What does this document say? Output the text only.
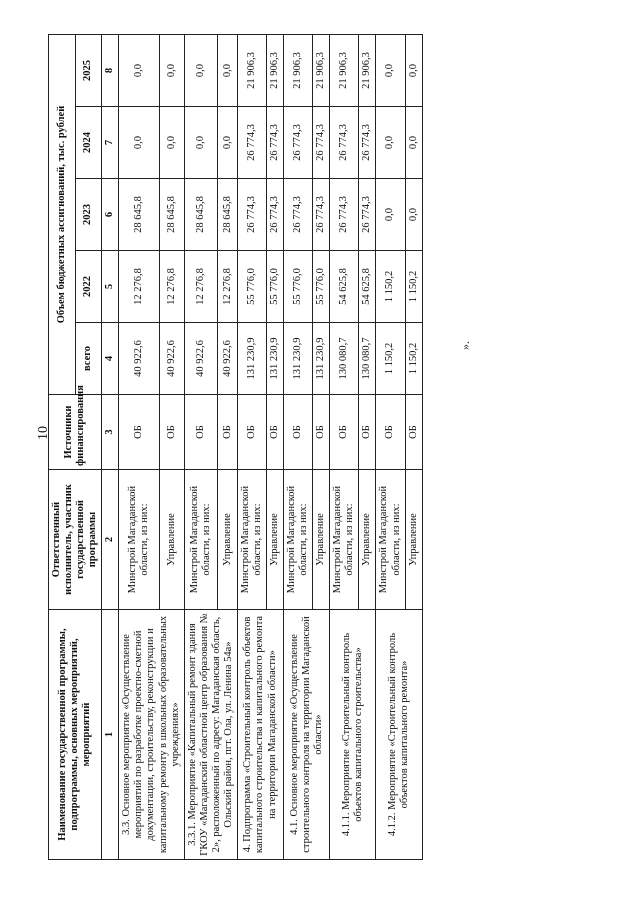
10
Наименование государственной программы, подпрограммы, основных мероприятий, мероприятий	Ответственный исполнитель, участник государственной программы	Источники финансирования	Объем бюджетных ассигнований, тыс. рублей				
			всего	2022	2023	2024	2025
1	2	3	4	5	6	7	8
3.3. Основное мероприятие «Осуществление мероприятий по разработке проектно-сметной документации, строительству, реконструкции и капитальному ремонту в школьных образовательных учреждениях»	Минстрой Магаданской области, из них:	ОБ	40 922,6	12 276,8	28 645,8	0,0	0,0
	Управление	ОБ	40 922,6	12 276,8	28 645,8	0,0	0,0
3.3.1. Мероприятие «Капитальный ремонт здания ГКОУ «Магаданский областной центр образования № 2», расположенный по адресу: Магаданская область, Ольский район, пгт. Ола, ул. Ленина 54а»	Минстрой Магаданской области, из них:	ОБ	40 922,6	12 276,8	28 645,8	0,0	0,0
	Управление	ОБ	40 922,6	12 276,8	28 645,8	0,0	0,0
4. Подпрограмма «Строительный контроль объектов капитального строительства и капитального ремонта на территории Магаданской области»	Минстрой Магаданской области, из них:	ОБ	131 230,9	55 776,0	26 774,3	26 774,3	21 906,3
	Управление	ОБ	131 230,9	55 776,0	26 774,3	26 774,3	21 906,3
4.1. Основное мероприятие «Осуществление строительного контроля на территории Магаданской области»	Минстрой Магаданской области, из них:	ОБ	131 230,9	55 776,0	26 774,3	26 774,3	21 906,3
	Управление	ОБ	131 230,9	55 776,0	26 774,3	26 774,3	21 906,3
4.1.1. Мероприятие «Строительный контроль объектов капитального строительства»	Минстрой Магаданской области, из них:	ОБ	130 080,7	54 625,8	26 774,3	26 774,3	21 906,3
	Управление	ОБ	130 080,7	54 625,8	26 774,3	26 774,3	21 906,3
4.1.2. Мероприятие «Строительный контроль объектов капитального ремонта»	Минстрой Магаданской области, из них:	ОБ	1 150,2	1 150,2	0,0	0,0	0,0
	Управление	ОБ	1 150,2	1 150,2	0,0	0,0	0,0
».
